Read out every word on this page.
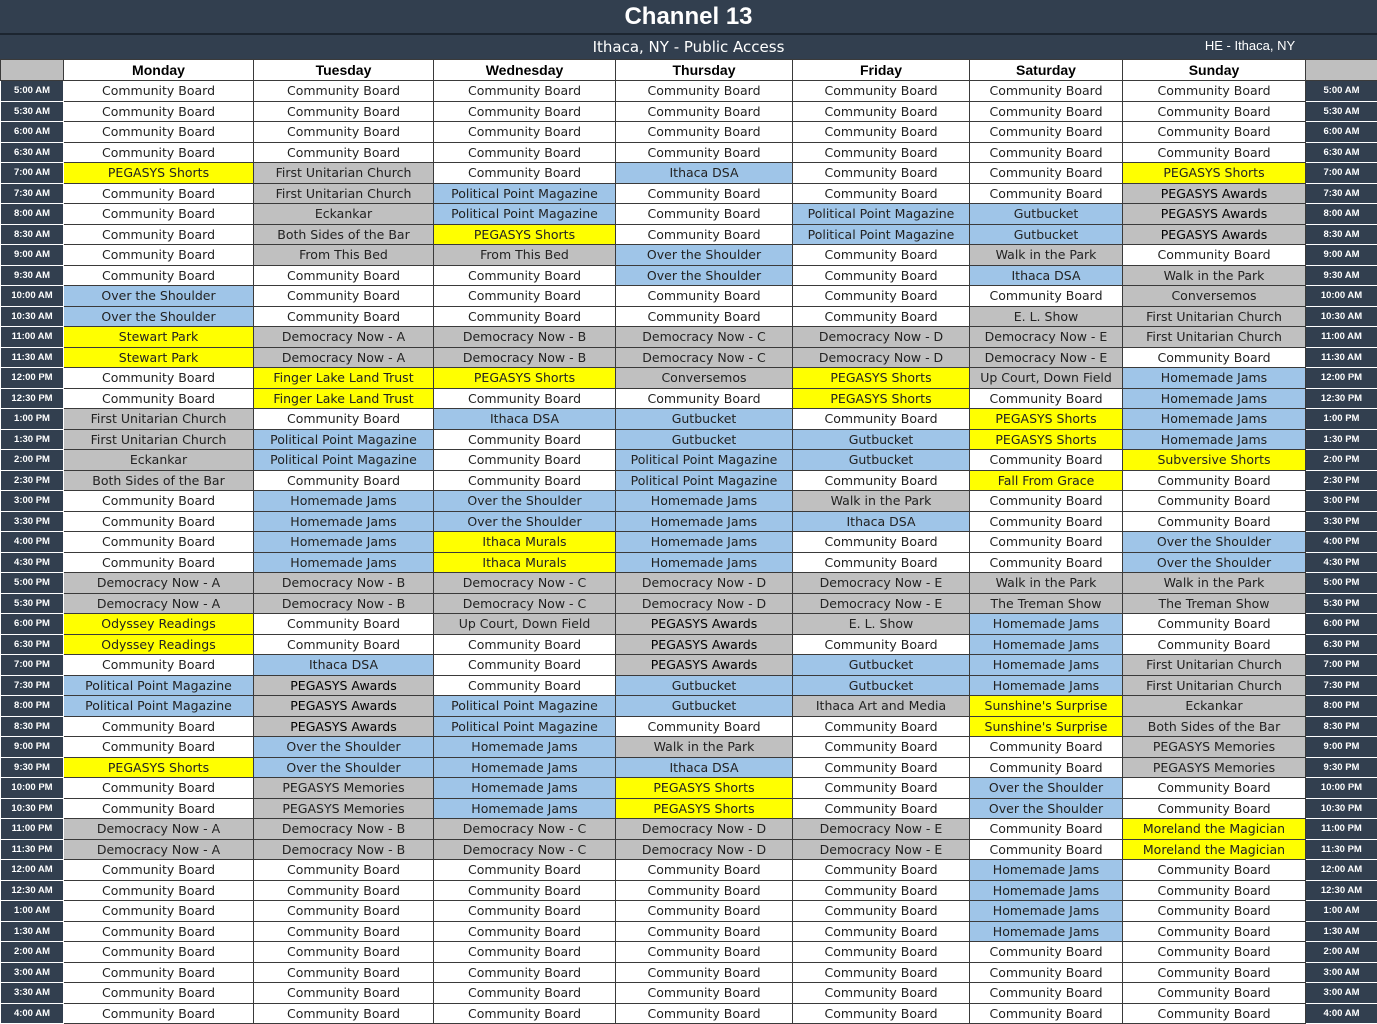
Channel 13
Ithaca, NY - Public Access	HE - Ithaca, NY
	Monday	Tuesday	Wednesday	Thursday	Friday	Saturday	Sunday	
5:00 AM	Community Board	Community Board	Community Board	Community Board	Community Board	Community Board	Community Board	5:00 AM
5:30 AM	Community Board	Community Board	Community Board	Community Board	Community Board	Community Board	Community Board	5:30 AM
6:00 AM	Community Board	Community Board	Community Board	Community Board	Community Board	Community Board	Community Board	6:00 AM
6:30 AM	Community Board	Community Board	Community Board	Community Board	Community Board	Community Board	Community Board	6:30 AM
7:00 AM	PEGASYS Shorts	First Unitarian Church	Community Board	Ithaca DSA	Community Board	Community Board	PEGASYS Shorts	7:00 AM
7:30 AM	Community Board	First Unitarian Church	Political Point Magazine	Community Board	Community Board	Community Board	PEGASYS Awards	7:30 AM
8:00 AM	Community Board	Eckankar	Political Point Magazine	Community Board	Political Point Magazine	Gutbucket	PEGASYS Awards	8:00 AM
8:30 AM	Community Board	Both Sides of the Bar	PEGASYS Shorts	Community Board	Political Point Magazine	Gutbucket	PEGASYS Awards	8:30 AM
9:00 AM	Community Board	From This Bed	From This Bed	Over the Shoulder	Community Board	Walk in the Park	Community Board	9:00 AM
9:30 AM	Community Board	Community Board	Community Board	Over the Shoulder	Community Board	Ithaca DSA	Walk in the Park	9:30 AM
10:00 AM	Over the Shoulder	Community Board	Community Board	Community Board	Community Board	Community Board	Conversemos	10:00 AM
10:30 AM	Over the Shoulder	Community Board	Community Board	Community Board	Community Board	E. L. Show	First Unitarian Church	10:30 AM
11:00 AM	Stewart Park	Democracy Now - A	Democracy Now - B	Democracy Now - C	Democracy Now - D	Democracy Now - E	First Unitarian Church	11:00 AM
11:30 AM	Stewart Park	Democracy Now - A	Democracy Now - B	Democracy Now - C	Democracy Now - D	Democracy Now - E	Community Board	11:30 AM
12:00 PM	Community Board	Finger Lake Land Trust	PEGASYS Shorts	Conversemos	PEGASYS Shorts	Up Court, Down Field	Homemade Jams	12:00 PM
12:30 PM	Community Board	Finger Lake Land Trust	Community Board	Community Board	PEGASYS Shorts	Community Board	Homemade Jams	12:30 PM
1:00 PM	First Unitarian Church	Community Board	Ithaca DSA	Gutbucket	Community Board	PEGASYS Shorts	Homemade Jams	1:00 PM
1:30 PM	First Unitarian Church	Political Point Magazine	Community Board	Gutbucket	Gutbucket	PEGASYS Shorts	Homemade Jams	1:30 PM
2:00 PM	Eckankar	Political Point Magazine	Community Board	Political Point Magazine	Gutbucket	Community Board	Subversive Shorts	2:00 PM
2:30 PM	Both Sides of the Bar	Community Board	Community Board	Political Point Magazine	Community Board	Fall From Grace	Community Board	2:30 PM
3:00 PM	Community Board	Homemade Jams	Over the Shoulder	Homemade Jams	Walk in the Park	Community Board	Community Board	3:00 PM
3:30 PM	Community Board	Homemade Jams	Over the Shoulder	Homemade Jams	Ithaca DSA	Community Board	Community Board	3:30 PM
4:00 PM	Community Board	Homemade Jams	Ithaca Murals	Homemade Jams	Community Board	Community Board	Over the Shoulder	4:00 PM
4:30 PM	Community Board	Homemade Jams	Ithaca Murals	Homemade Jams	Community Board	Community Board	Over the Shoulder	4:30 PM
5:00 PM	Democracy Now - A	Democracy Now - B	Democracy Now - C	Democracy Now - D	Democracy Now - E	Walk in the Park	Walk in the Park	5:00 PM
5:30 PM	Democracy Now - A	Democracy Now - B	Democracy Now - C	Democracy Now - D	Democracy Now - E	The Treman Show	The Treman Show	5:30 PM
6:00 PM	Odyssey Readings	Community Board	Up Court, Down Field	PEGASYS Awards	E. L. Show	Homemade Jams	Community Board	6:00 PM
6:30 PM	Odyssey Readings	Community Board	Community Board	PEGASYS Awards	Community Board	Homemade Jams	Community Board	6:30 PM
7:00 PM	Community Board	Ithaca DSA	Community Board	PEGASYS Awards	Gutbucket	Homemade Jams	First Unitarian Church	7:00 PM
7:30 PM	Political Point Magazine	PEGASYS Awards	Community Board	Gutbucket	Gutbucket	Homemade Jams	First Unitarian Church	7:30 PM
8:00 PM	Political Point Magazine	PEGASYS Awards	Political Point Magazine	Gutbucket	Ithaca Art and Media	Sunshine's Surprise	Eckankar	8:00 PM
8:30 PM	Community Board	PEGASYS Awards	Political Point Magazine	Community Board	Community Board	Sunshine's Surprise	Both Sides of the Bar	8:30 PM
9:00 PM	Community Board	Over the Shoulder	Homemade Jams	Walk in the Park	Community Board	Community Board	PEGASYS Memories	9:00 PM
9:30 PM	PEGASYS Shorts	Over the Shoulder	Homemade Jams	Ithaca DSA	Community Board	Community Board	PEGASYS Memories	9:30 PM
10:00 PM	Community Board	PEGASYS Memories	Homemade Jams	PEGASYS Shorts	Community Board	Over the Shoulder	Community Board	10:00 PM
10:30 PM	Community Board	PEGASYS Memories	Homemade Jams	PEGASYS Shorts	Community Board	Over the Shoulder	Community Board	10:30 PM
11:00 PM	Democracy Now - A	Democracy Now - B	Democracy Now - C	Democracy Now - D	Democracy Now - E	Community Board	Moreland the Magician	11:00 PM
11:30 PM	Democracy Now - A	Democracy Now - B	Democracy Now - C	Democracy Now - D	Democracy Now - E	Community Board	Moreland the Magician	11:30 PM
12:00 AM	Community Board	Community Board	Community Board	Community Board	Community Board	Homemade Jams	Community Board	12:00 AM
12:30 AM	Community Board	Community Board	Community Board	Community Board	Community Board	Homemade Jams	Community Board	12:30 AM
1:00 AM	Community Board	Community Board	Community Board	Community Board	Community Board	Homemade Jams	Community Board	1:00 AM
1:30 AM	Community Board	Community Board	Community Board	Community Board	Community Board	Homemade Jams	Community Board	1:30 AM
2:00 AM	Community Board	Community Board	Community Board	Community Board	Community Board	Community Board	Community Board	2:00 AM
3:00 AM	Community Board	Community Board	Community Board	Community Board	Community Board	Community Board	Community Board	3:00 AM
3:30 AM	Community Board	Community Board	Community Board	Community Board	Community Board	Community Board	Community Board	3:00 AM
4:00 AM	Community Board	Community Board	Community Board	Community Board	Community Board	Community Board	Community Board	4:00 AM
